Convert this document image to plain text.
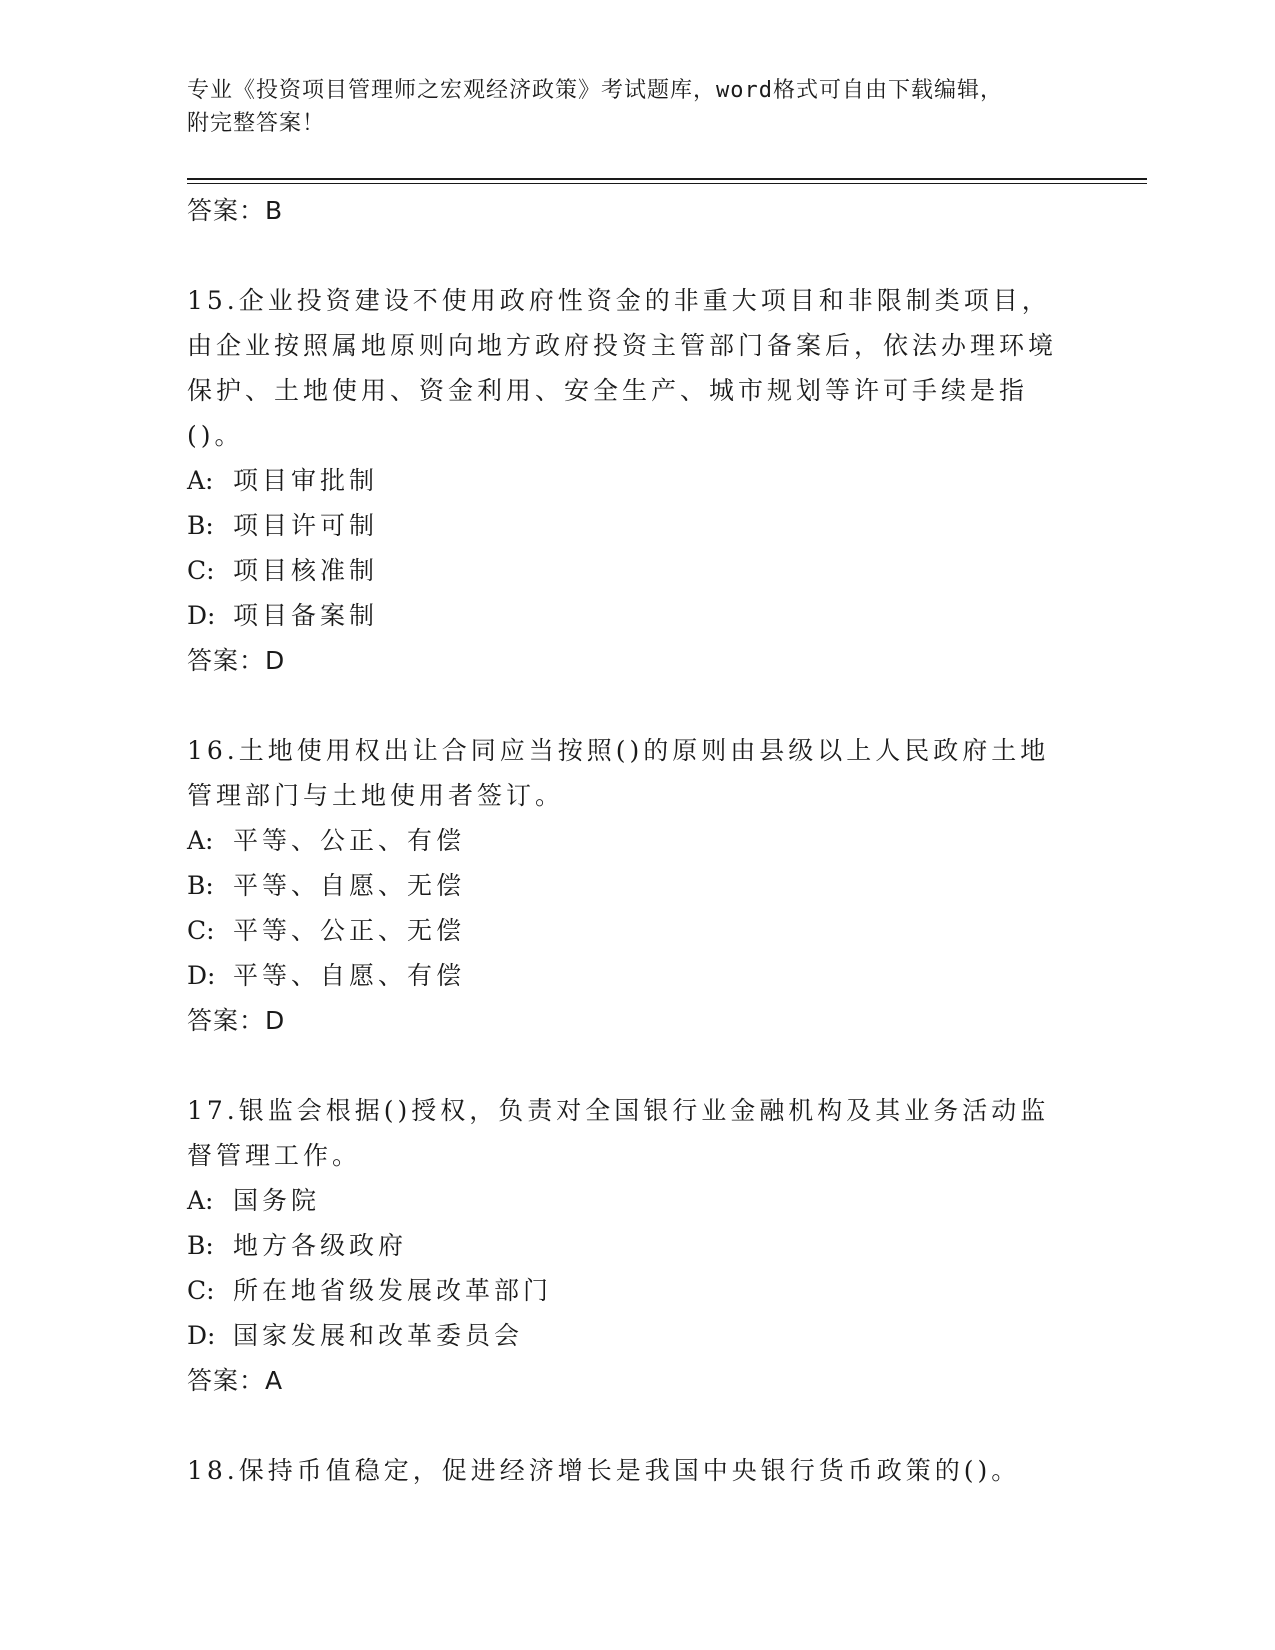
专业《投资项目管理师之宏观经济政策》考试题库，word格式可自由下载编辑，
附完整答案！
答案：B
15.企业投资建设不使用政府性资金的非重大项目和非限制类项目，由企业按照属地原则向地方政府投资主管部门备案后，依法办理环境保护、土地使用、资金利用、安全生产、城市规划等许可手续是指()。
A: 项目审批制
B: 项目许可制
C: 项目核准制
D: 项目备案制
答案：D
16.土地使用权出让合同应当按照()的原则由县级以上人民政府土地管理部门与土地使用者签订。
A: 平等、公正、有偿
B: 平等、自愿、无偿
C: 平等、公正、无偿
D: 平等、自愿、有偿
答案：D
17.银监会根据()授权，负责对全国银行业金融机构及其业务活动监督管理工作。
A: 国务院
B: 地方各级政府
C: 所在地省级发展改革部门
D: 国家发展和改革委员会
答案：A
18.保持币值稳定，促进经济增长是我国中央银行货币政策的()。
